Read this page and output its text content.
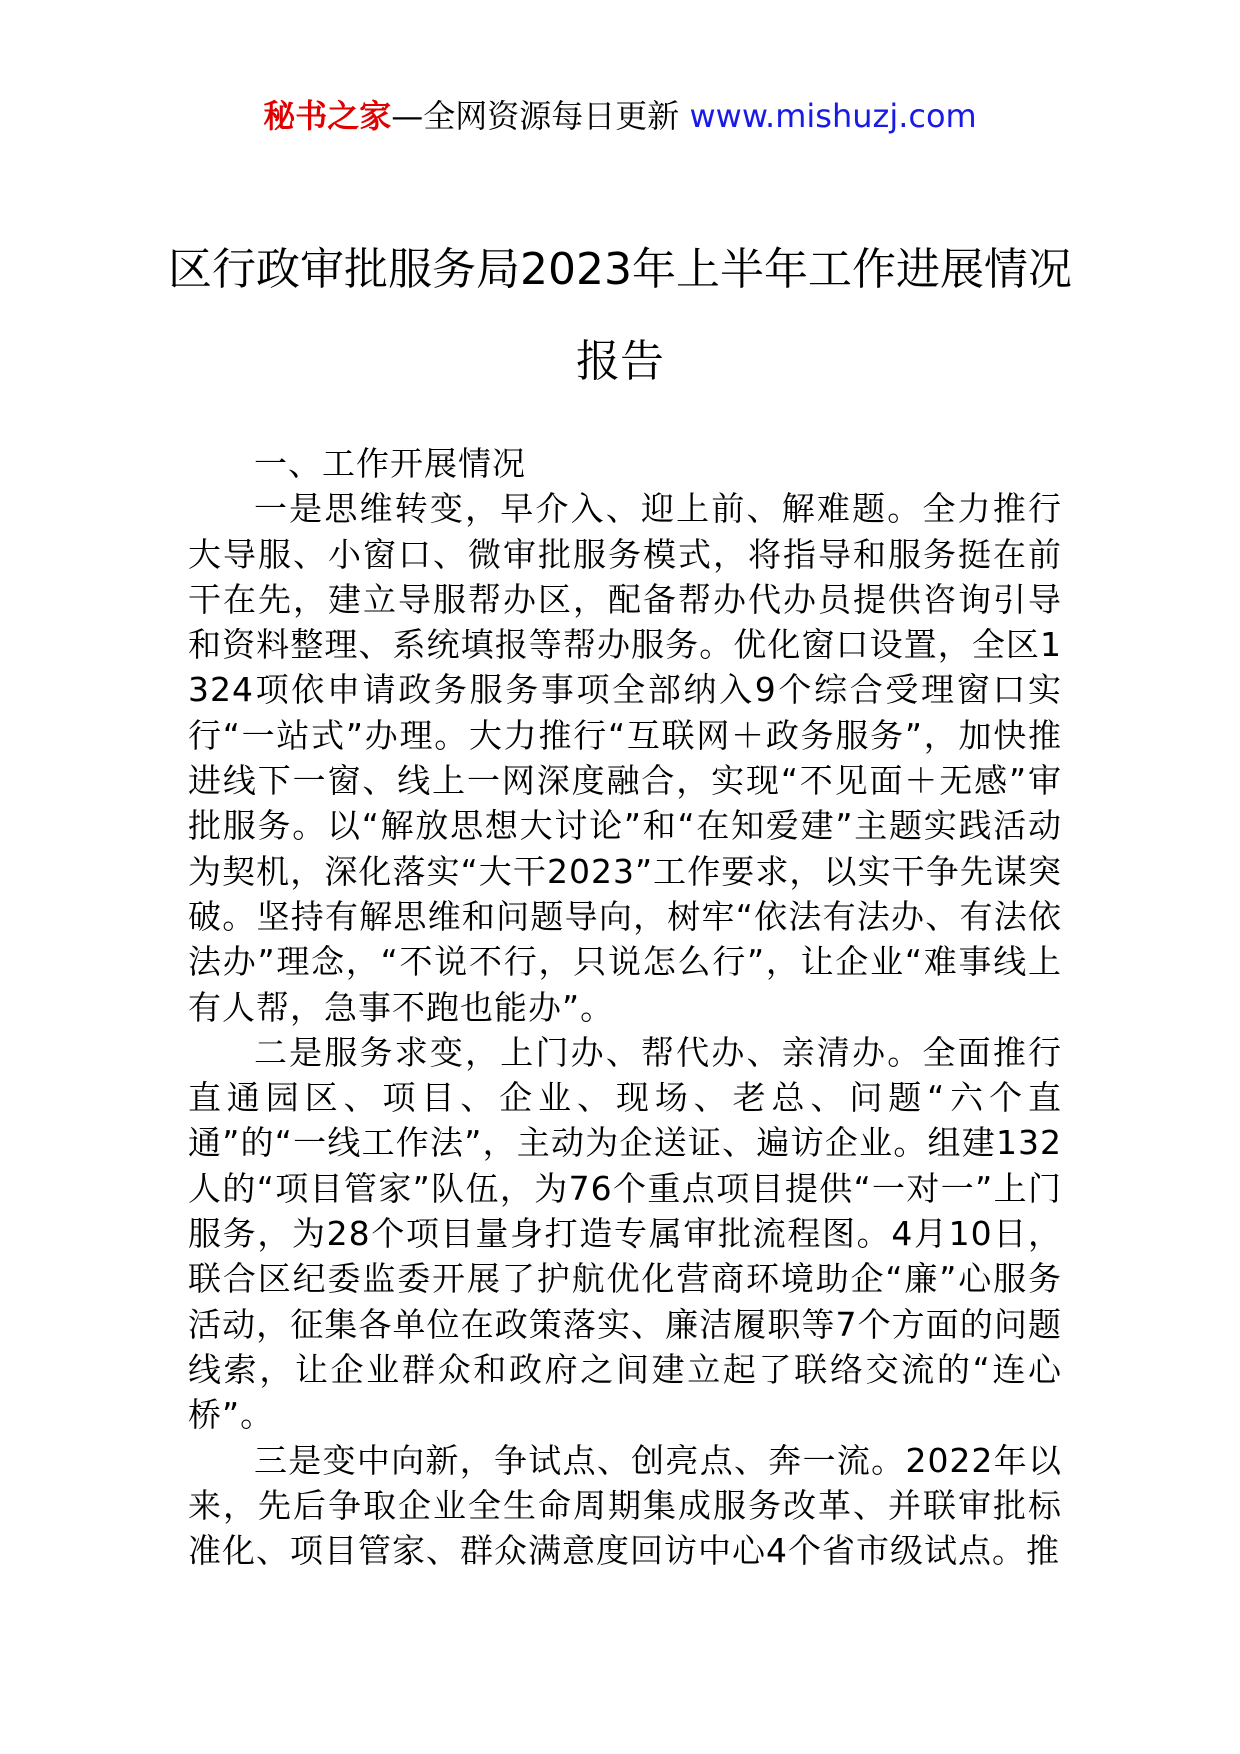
秘书之家—全网资源每日更新 www.mishuzj.com
区行政审批服务局2023年上半年工作进展情况报告
一、工作开展情况

一是思维转变，早介入、迎上前、解难题。全力推行大导服、小窗口、微审批服务模式，将指导和服务挺在前干在先，建立导服帮办区，配备帮办代办员提供咨询引导和资料整理、系统填报等帮办服务。优化窗口设置，全区1324项依申请政务服务事项全部纳入9个综合受理窗口实行“一站式”办理。大力推行“互联网＋政务服务”，加快推进线下一窗、线上一网深度融合，实现“不见面＋无感”审批服务。以“解放思想大讨论”和“在知爱建”主题实践活动为契机，深化落实“大干2023”工作要求，以实干争先谋突破。坚持有解思维和问题导向，树牢“依法有法办、有法依法办”理念，“不说不行，只说怎么行”，让企业“难事线上有人帮，急事不跑也能办”。

二是服务求变，上门办、帮代办、亲清办。全面推行直通园区、项目、企业、现场、老总、问题“六个直通”的“一线工作法”，主动为企送证、遍访企业。组建132人的“项目管家”队伍，为76个重点项目提供“一对一”上门服务，为28个项目量身打造专属审批流程图。4月10日，联合区纪委监委开展了护航优化营商环境助企“廉”心服务活动，征集各单位在政策落实、廉洁履职等7个方面的问题线索，让企业群众和政府之间建立起了联络交流的“连心桥”。

三是变中向新，争试点、创亮点、奔一流。2022年以来，先后争取企业全生命周期集成服务改革、并联审批标准化、项目管家、群众满意度回访中心4个省市级试点。推
